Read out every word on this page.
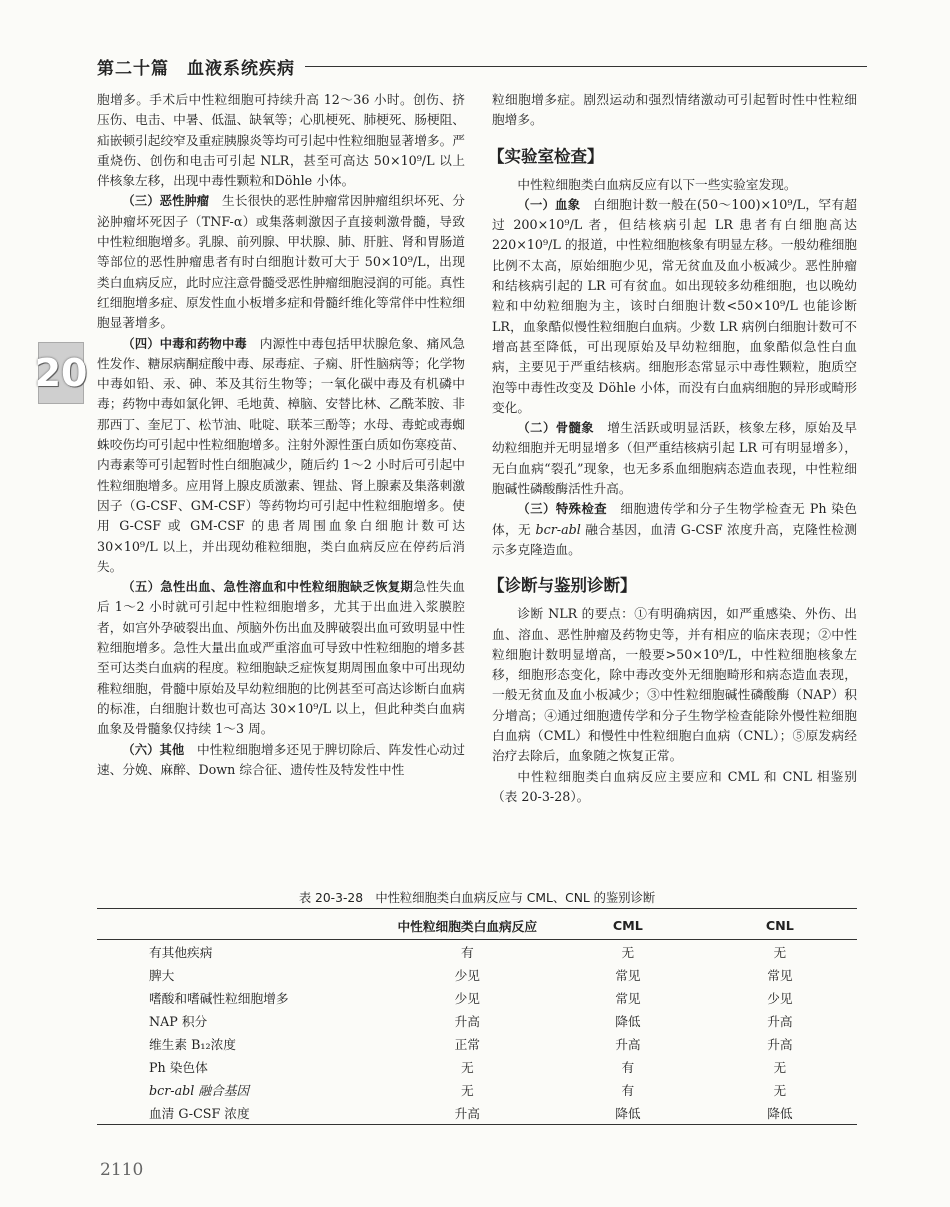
第二十篇　血液系统疾病
20

胞增多。手术后中性粒细胞可持续升高 12～36 小时。创伤、挤压伤、电击、中暑、低温、缺氧等；心肌梗死、肺梗死、肠梗阻、疝嵌顿引起绞窄及重症胰腺炎等均可引起中性粒细胞显著增多。严重烧伤、创伤和电击可引起 NLR，甚至可高达 50×10⁹/L 以上伴核象左移，出现中毒性颗粒和Döhle 小体。

（三）恶性肿瘤　生长很快的恶性肿瘤常因肿瘤组织坏死、分泌肿瘤坏死因子（TNF-α）或集落刺激因子直接刺激骨髓，导致中性粒细胞增多。乳腺、前列腺、甲状腺、肺、肝脏、肾和胃肠道等部位的恶性肿瘤患者有时白细胞计数可大于 50×10⁹/L，出现类白血病反应，此时应注意骨髓受恶性肿瘤细胞浸润的可能。真性红细胞增多症、原发性血小板增多症和骨髓纤维化等常伴中性粒细胞显著增多。

（四）中毒和药物中毒　内源性中毒包括甲状腺危象、痛风急性发作、糖尿病酮症酸中毒、尿毒症、子痫、肝性脑病等；化学物中毒如铅、汞、砷、苯及其衍生物等；一氧化碳中毒及有机磷中毒；药物中毒如氯化钾、毛地黄、樟脑、安替比林、乙酰苯胺、非那西丁、奎尼丁、松节油、吡啶、联苯三酚等；水母、毒蛇或毒蜘蛛咬伤均可引起中性粒细胞增多。注射外源性蛋白质如伤寒疫苗、内毒素等可引起暂时性白细胞减少，随后约 1～2 小时后可引起中性粒细胞增多。应用肾上腺皮质激素、锂盐、肾上腺素及集落刺激因子（G-CSF、GM-CSF）等药物均可引起中性粒细胞增多。使用 G-CSF 或 GM-CSF 的患者周围血象白细胞计数可达 30×10⁹/L 以上，并出现幼稚粒细胞，类白血病反应在停药后消失。

（五）急性出血、急性溶血和中性粒细胞缺乏恢复期急性失血后 1～2 小时就可引起中性粒细胞增多，尤其于出血进入浆膜腔者，如宫外孕破裂出血、颅脑外伤出血及脾破裂出血可致明显中性粒细胞增多。急性大量出血或严重溶血可导致中性粒细胞的增多甚至可达类白血病的程度。粒细胞缺乏症恢复期周围血象中可出现幼稚粒细胞，骨髓中原始及早幼粒细胞的比例甚至可高达诊断白血病的标准，白细胞计数也可高达 30×10⁹/L 以上，但此种类白血病血象及骨髓象仅持续 1～3 周。

（六）其他　中性粒细胞增多还见于脾切除后、阵发性心动过速、分娩、麻醉、Down 综合征、遗传性及特发性中性

粒细胞增多症。剧烈运动和强烈情绪激动可引起暂时性中性粒细胞增多。

【实验室检查】

中性粒细胞类白血病反应有以下一些实验室发现。

（一）血象　白细胞计数一般在(50～100)×10⁹/L，罕有超过 200×10⁹/L 者，但结核病引起 LR 患者有白细胞高达 220×10⁹/L 的报道，中性粒细胞核象有明显左移。一般幼稚细胞比例不太高，原始细胞少见，常无贫血及血小板减少。恶性肿瘤和结核病引起的 LR 可有贫血。如出现较多幼稚细胞，也以晚幼粒和中幼粒细胞为主，该时白细胞计数<50×10⁹/L 也能诊断 LR，血象酷似慢性粒细胞白血病。少数 LR 病例白细胞计数可不增高甚至降低，可出现原始及早幼粒细胞，血象酷似急性白血病，主要见于严重结核病。细胞形态常显示中毒性颗粒，胞质空泡等中毒性改变及 Döhle 小体，而没有白血病细胞的异形或畸形变化。

（二）骨髓象　增生活跃或明显活跃，核象左移，原始及早幼粒细胞并无明显增多（但严重结核病引起 LR 可有明显增多），无白血病“裂孔”现象，也无多系血细胞病态造血表现，中性粒细胞碱性磷酸酶活性升高。

（三）特殊检查　细胞遗传学和分子生物学检查无 Ph 染色体，无 bcr-abl 融合基因，血清 G-CSF 浓度升高，克隆性检测示多克隆造血。

【诊断与鉴别诊断】

诊断 NLR 的要点：①有明确病因，如严重感染、外伤、出血、溶血、恶性肿瘤及药物史等，并有相应的临床表现；②中性粒细胞计数明显增高，一般要>50×10⁹/L，中性粒细胞核象左移，细胞形态变化，除中毒改变外无细胞畸形和病态造血表现，一般无贫血及血小板减少；③中性粒细胞碱性磷酸酶（NAP）积分增高；④通过细胞遗传学和分子生物学检查能除外慢性粒细胞白血病（CML）和慢性中性粒细胞白血病（CNL）；⑤原发病经治疗去除后，血象随之恢复正常。

中性粒细胞类白血病反应主要应和 CML 和 CNL 相鉴别（表 20-3-28）。

表 20-3-28　中性粒细胞类白血病反应与 CML、CNL 的鉴别诊断
	中性粒细胞类白血病反应	CML	CNL
有其他疾病	有	无	无
脾大	少见	常见	常见
嗜酸和嗜碱性粒细胞增多	少见	常见	少见
NAP 积分	升高	降低	升高
维生素 B₁₂浓度	正常	升高	升高
Ph 染色体	无	有	无
bcr-abl 融合基因	无	有	无
血清 G-CSF 浓度	升高	降低	降低
2110
